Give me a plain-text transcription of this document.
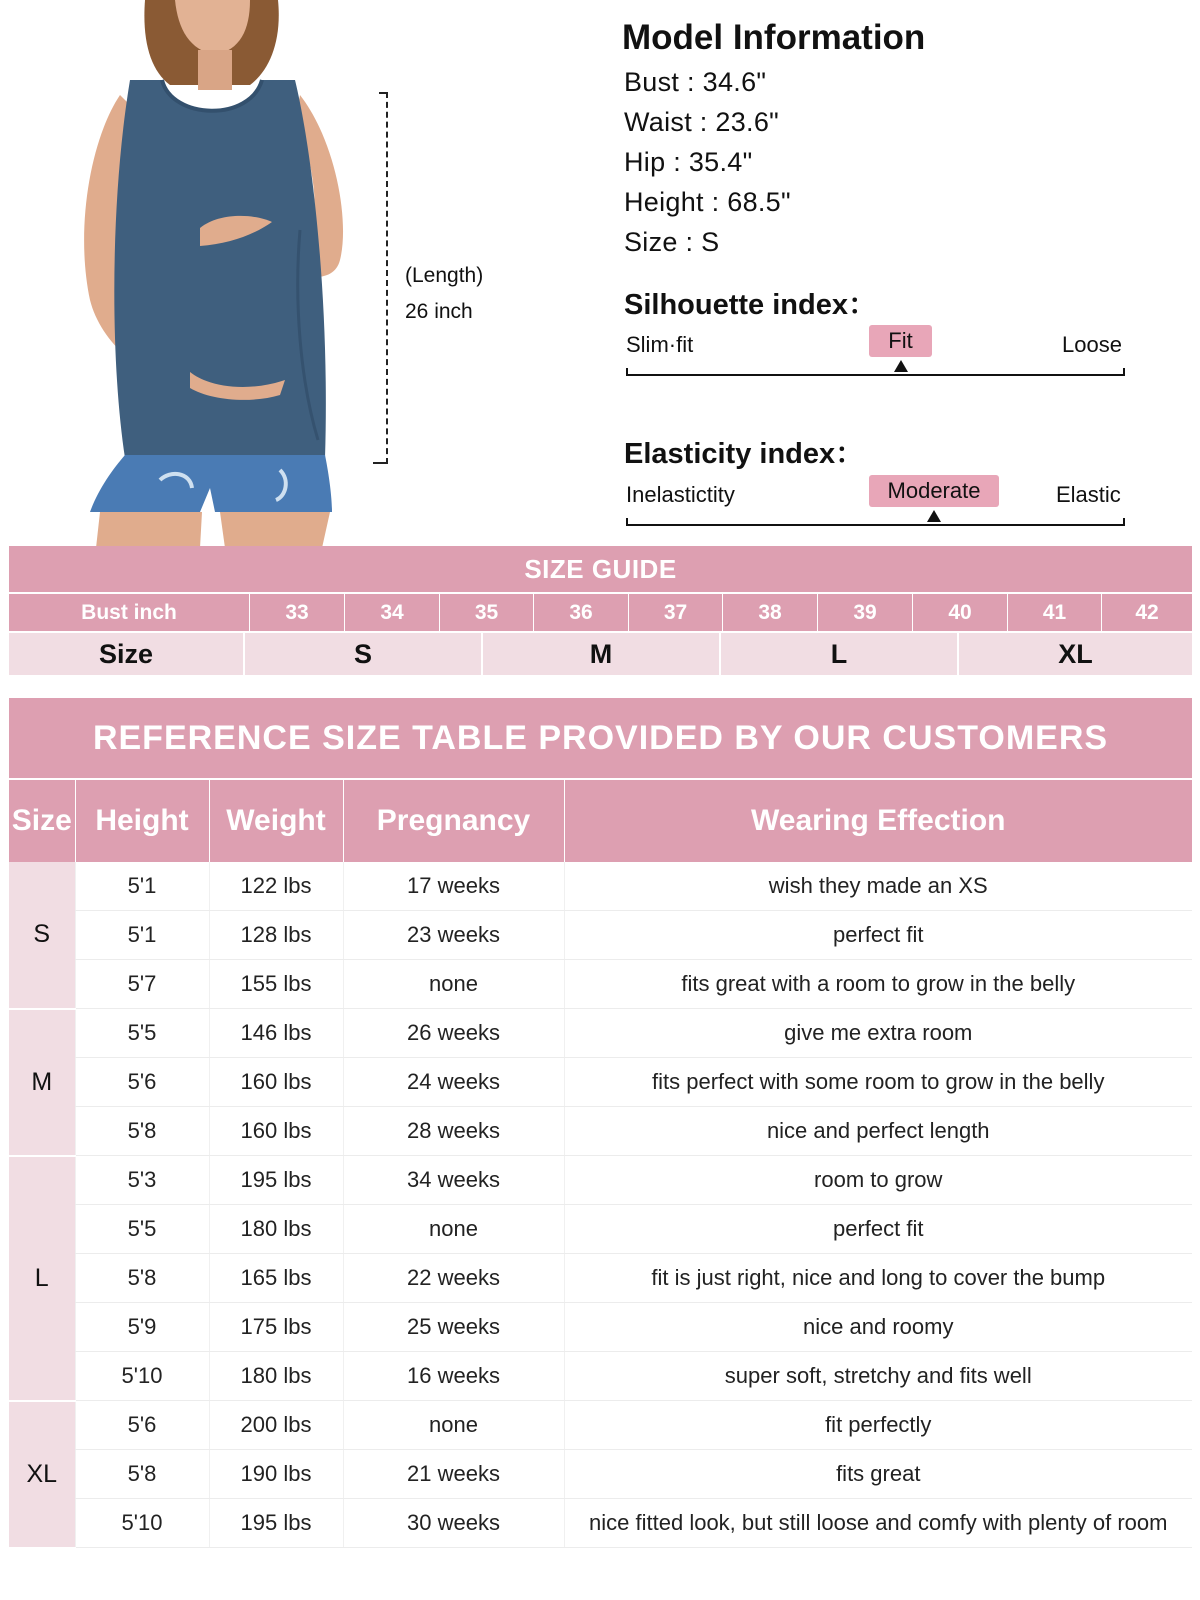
(Length)
26 inch
Model Information
Bust : 34.6"
Waist : 23.6"
Hip : 35.4"
Height : 68.5"
Size : S
Silhouette index：
Slim·fit	Fit	Loose
Elasticity index：
Inelastictity	Moderate	Elastic
SIZE GUIDE
Bust inch	33	34	35	36	37	38	39	40	41	42
Size	S	M	L	XL
REFERENCE SIZE TABLE PROVIDED BY OUR CUSTOMERS
Size	Height	Weight	Pregnancy	Wearing Effection
S	5'1	122 lbs	17 weeks	wish they made an XS
	5'1	128 lbs	23 weeks	perfect fit
	5'7	155 lbs	none	fits great with a room to grow in the belly
M	5'5	146 lbs	26 weeks	give me extra room
	5'6	160 lbs	24 weeks	fits perfect with some room to grow in the belly
	5'8	160 lbs	28 weeks	nice and perfect length
L	5'3	195 lbs	34 weeks	room to grow
	5'5	180 lbs	none	perfect fit
	5'8	165 lbs	22 weeks	fit is just right, nice and long to cover the bump
	5'9	175 lbs	25 weeks	nice and roomy
	5'10	180 lbs	16 weeks	super soft, stretchy and fits well
XL	5'6	200 lbs	none	fit perfectly
	5'8	190 lbs	21 weeks	fits great
	5'10	195 lbs	30 weeks	nice fitted look, but still loose and comfy with plenty of room
